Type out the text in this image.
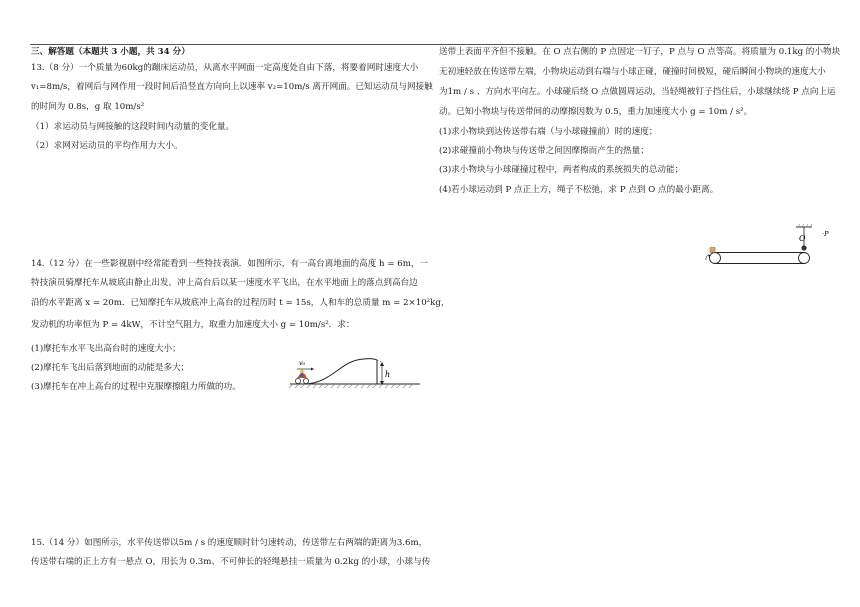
三、解答题（本题共 3 小题，共 34 分）
13.（8 分）一个质量为60kg的蹦床运动员，从离水平网面一定高度处自由下落，将要着网时速度大小
v₁=8m/s，着网后与网作用一段时间后沿竖直方向向上以速率 v₂=10m/s 离开网面。已知运动员与网接触
的时间为 0.8s，g 取 10m/s²
（1）求运动员与网接触的这段时间内动量的变化量。
（2）求网对运动员的平均作用力大小。
14.（12 分）在一些影视剧中经常能看到一些特技表演．如图所示，有一高台离地面的高度 h = 6m，一
特技演员骑摩托车从坡底由静止出发，冲上高台后以某一速度水平飞出，在水平地面上的落点到高台边
沿的水平距离 x = 20m．已知摩托车从坡底冲上高台的过程历时 t = 15s，人和车的总质量 m = 2×10²kg，
发动机的功率恒为 P = 4kW，不计空气阻力，取重力加速度大小 g = 10m/s²．求：
(1)摩托车水平飞出高台时的速度大小；
(2)摩托车飞出后落到地面的动能是多大；
(3)摩托车在冲上高台的过程中克服摩擦阻力所做的功。
h
v₀
15.（14 分）如图所示，水平传送带以5m / s 的速度顺时针匀速转动，传送带左右两端的距离为3.6m，
传送带右端的正上方有一悬点 O，用长为 0.3m、不可伸长的轻绳悬挂一质量为 0.2kg 的小球，小球与传
送带上表面平齐但不接触。在 O 点右侧的 P 点固定一钉子，P 点与 O 点等高。将质量为 0.1kg 的小物块
无初速轻放在传送带左端，小物块运动到右端与小球正碰，碰撞时间极短，碰后瞬间小物块的速度大小
为1m / s 、方向水平向左。小球碰后绕 O 点做圆周运动，当轻绳被钉子挡住后，小球继续绕 P 点向上运
动。已知小物块与传送带间的动摩擦因数为 0.5，重力加速度大小 g = 10m / s²。
(1)求小物块到达传送带右端（与小球碰撞前）时的速度；
(2)求碰撞前小物块与传送带之间因摩擦而产生的热量；
(3)求小物块与小球碰撞过程中，两者构成的系统损失的总动能；
(4)若小球运动到 P 点正上方，绳子不松弛，求 P 点到 O 点的最小距离。
O	·P
